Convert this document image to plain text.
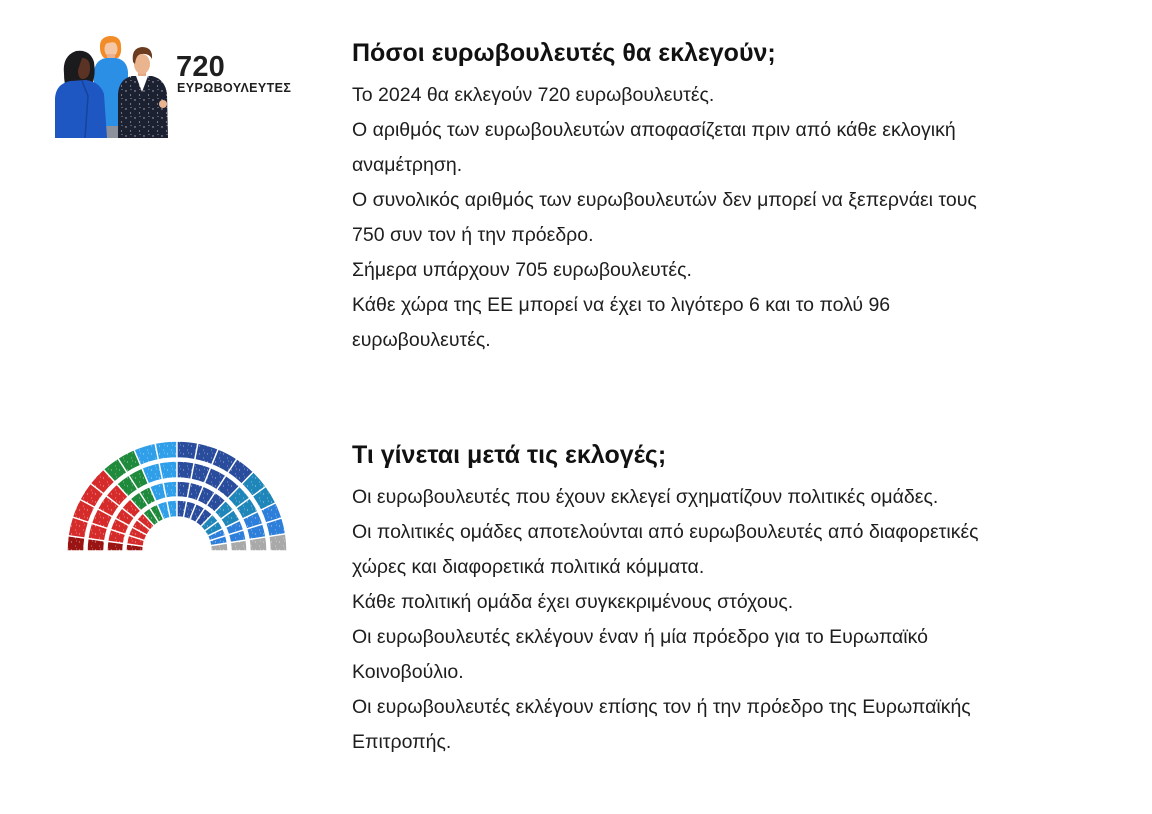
720
ΕΥΡΩΒΟΥΛΕΥΤΕΣ
Πόσοι ευρωβουλευτές θα εκλεγούν;

Το 2024 θα εκλεγούν 720 ευρωβουλευτές.

Ο αριθμός των ευρωβουλευτών αποφασίζεται πριν από κάθε εκλογική
αναμέτρηση.

Ο συνολικός αριθμός των ευρωβουλευτών δεν μπορεί να ξεπερνάει τους
750 συν τον ή την πρόεδρο.

Σήμερα υπάρχουν 705 ευρωβουλευτές.

Κάθε χώρα της ΕΕ μπορεί να έχει το λιγότερο 6 και το πολύ 96
ευρωβουλευτές.

Τι γίνεται μετά τις εκλογές;

Οι ευρωβουλευτές που έχουν εκλεγεί σχηματίζουν πολιτικές ομάδες.

Οι πολιτικές ομάδες αποτελούνται από ευρωβουλευτές από διαφορετικές
χώρες και διαφορετικά πολιτικά κόμματα.

Κάθε πολιτική ομάδα έχει συγκεκριμένους στόχους.

Οι ευρωβουλευτές εκλέγουν έναν ή μία πρόεδρο για το Ευρωπαϊκό
Κοινοβούλιο.

Οι ευρωβουλευτές εκλέγουν επίσης τον ή την πρόεδρο της Ευρωπαϊκής
Επιτροπής.
